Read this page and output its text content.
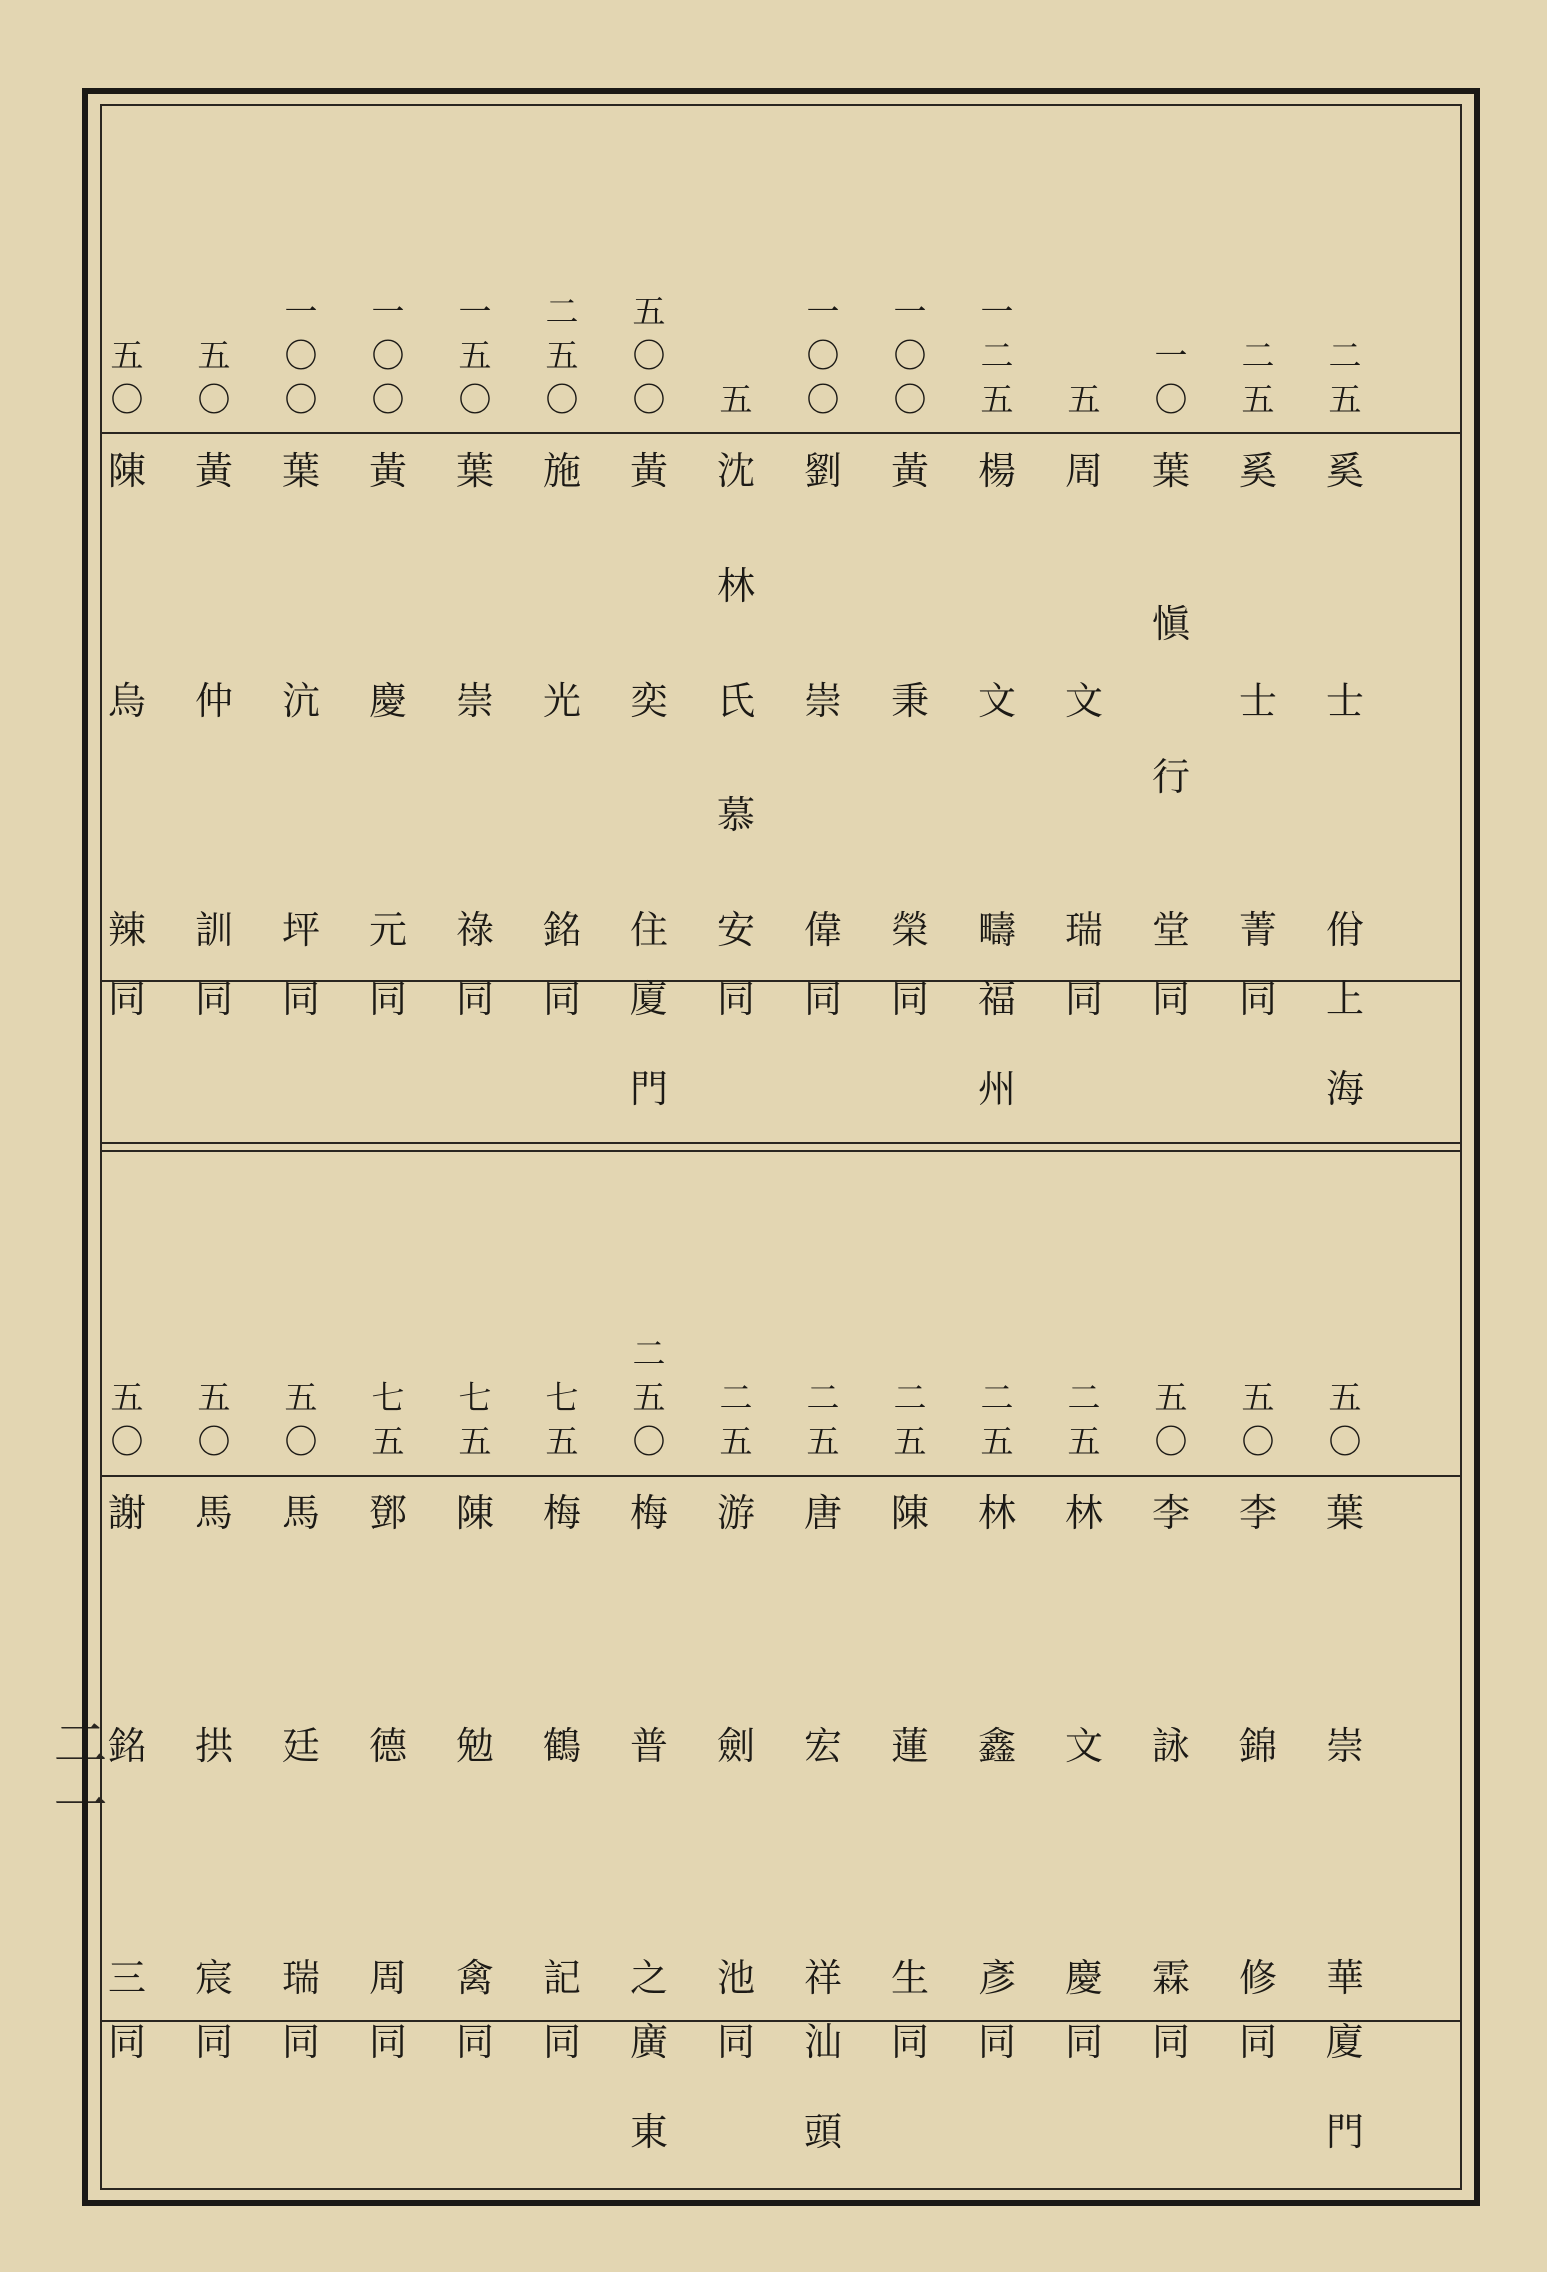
二一
二
五
奚
士
佾
上
海
二
五
奚
士
菁
同
一
〇
葉
愼
行
堂
同
五
周
文
瑞
同
一
二
五
楊
文
疇
福
州
一
〇
〇
黃
秉
榮
同
一
〇
〇
劉
崇
偉
同
五
沈
林
氏
慕
安
同
五
〇
〇
黃
奕
住
廈
門
二
五
〇
施
光
銘
同
一
五
〇
葉
崇
祿
同
一
〇
〇
黃
慶
元
同
一
〇
〇
葉
沆
坪
同
五
〇
黃
仲
訓
同
五
〇
陳
烏
辣
同
五
〇
葉
崇
華
廈
門
五
〇
李
錦
修
同
五
〇
李
詠
霖
同
二
五
林
文
慶
同
二
五
林
鑫
彥
同
二
五
陳
蓮
生
同
二
五
唐
宏
祥
汕
頭
二
五
游
劍
池
同
二
五
〇
梅
普
之
廣
東
七
五
梅
鶴
記
同
七
五
陳
勉
禽
同
七
五
鄧
德
周
同
五
〇
馬
廷
瑞
同
五
〇
馬
拱
宸
同
五
〇
謝
銘
三
同
